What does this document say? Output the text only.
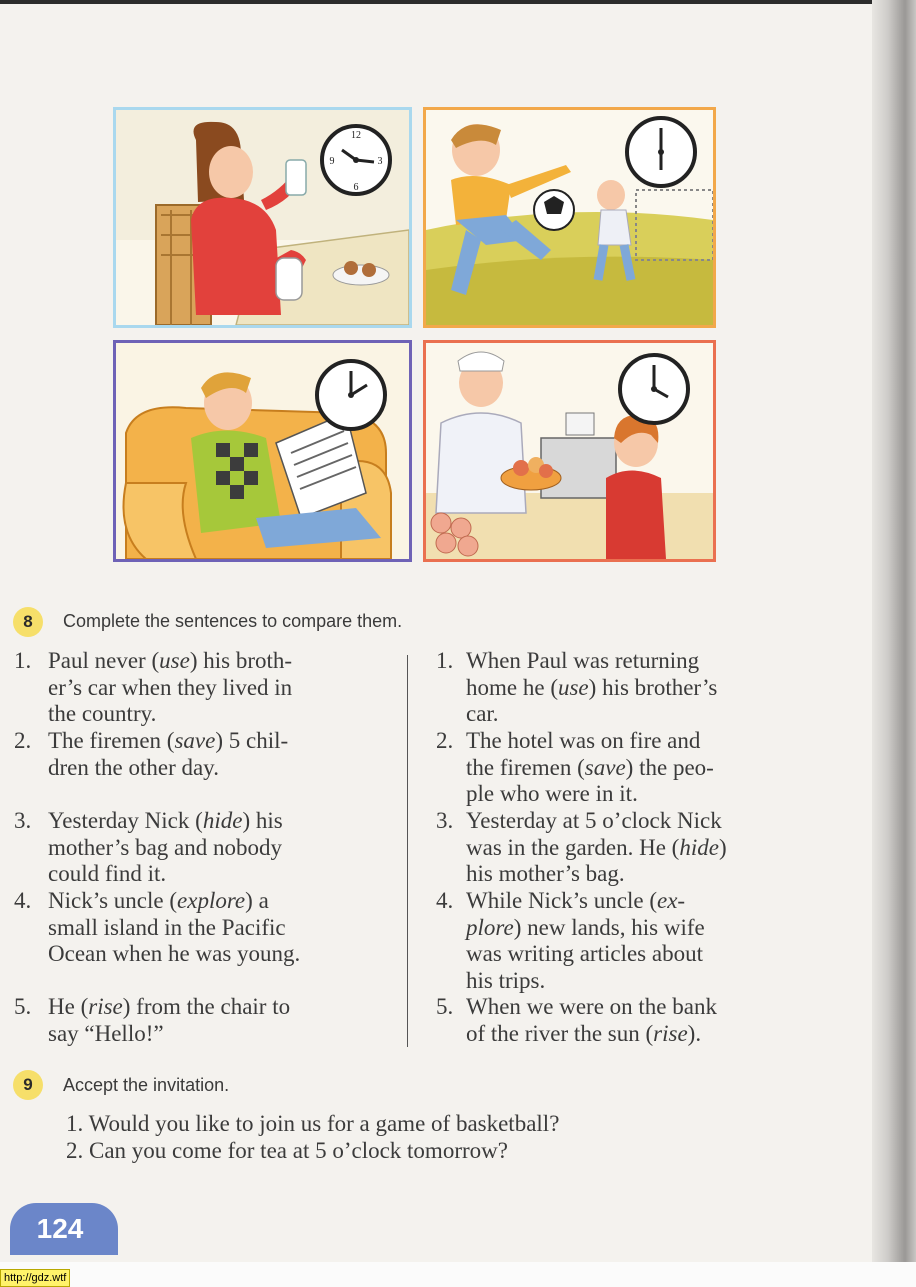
12
3
6
9
8	Complete the sentences to compare them.
1. Paul never (use) his broth-
er’s car when they lived in
the country.
2. The firemen (save) 5 chil-
dren the other day.
3. Yesterday Nick (hide) his
mother’s bag and nobody
could find it.
4. Nick’s uncle (explore) a
small island in the Pacific
Ocean when he was young.
5. He (rise) from the chair to
say “Hello!”
1. When Paul was returning
home he (use) his brother’s
car.
2. The hotel was on fire and
the firemen (save) the peo-
ple who were in it.
3. Yesterday at 5 o’clock Nick
was in the garden. He (hide)
his mother’s bag.
4. While Nick’s uncle (ex-
plore) new lands, his wife
was writing articles about
his trips.
5. When we were on the bank
of the river the sun (rise).
9	Accept the invitation.
1. Would you like to join us for a game of basketball?
2. Can you come for tea at 5 o’clock tomorrow?
124
http://gdz.wtf
